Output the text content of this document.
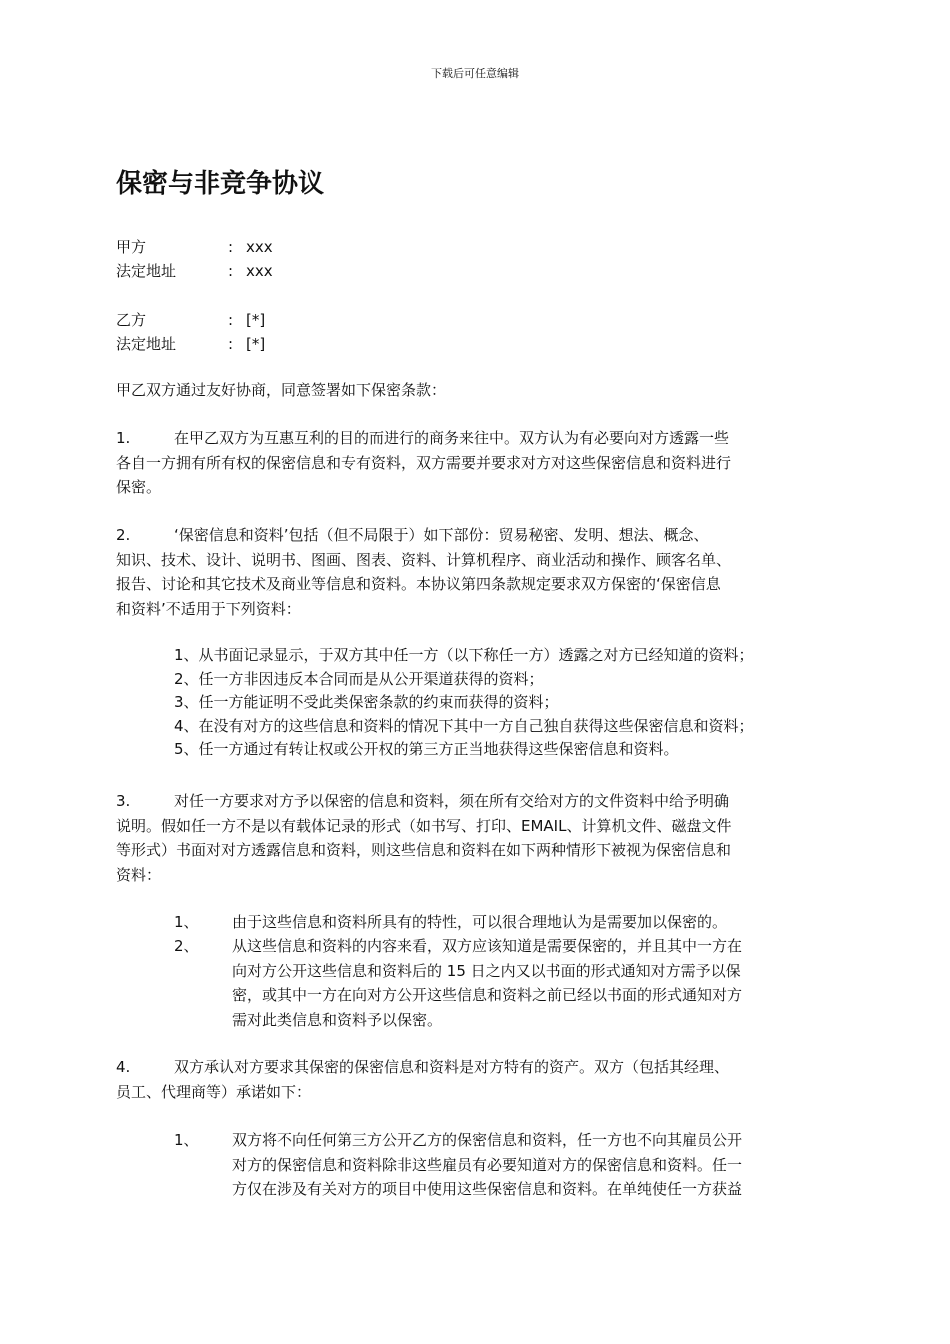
下载后可任意编辑
保密与非竞争协议
甲方	: xxx
法定地址	: xxx
乙方	: [*]
法定地址	: [*]
甲乙双方通过友好协商，同意签署如下保密条款：
1.	在甲乙双方为互惠互利的目的而进行的商务来往中。双方认为有必要向对方透露一些
各自一方拥有所有权的保密信息和专有资料，双方需要并要求对方对这些保密信息和资料进行
保密。
2.	‘保密信息和资料’包括（但不局限于）如下部份：贸易秘密、发明、想法、概念、
知识、技术、设计、说明书、图画、图表、资料、计算机程序、商业活动和操作、顾客名单、
报告、讨论和其它技术及商业等信息和资料。本协议第四条款规定要求双方保密的‘保密信息
和资料’不适用于下列资料：
1、从书面记录显示，于双方其中任一方（以下称任一方）透露之对方已经知道的资料；
2、任一方非因违反本合同而是从公开渠道获得的资料；
3、任一方能证明不受此类保密条款的约束而获得的资料；
4、在没有对方的这些信息和资料的情况下其中一方自己独自获得这些保密信息和资料；
5、任一方通过有转让权或公开权的第三方正当地获得这些保密信息和资料。
3.	对任一方要求对方予以保密的信息和资料，须在所有交给对方的文件资料中给予明确
说明。假如任一方不是以有载体记录的形式（如书写、打印、EMAIL、计算机文件、磁盘文件
等形式）书面对对方透露信息和资料，则这些信息和资料在如下两种情形下被视为保密信息和
资料：
1、 由于这些信息和资料所具有的特性，可以很合理地认为是需要加以保密的。
2、 从这些信息和资料的内容来看，双方应该知道是需要保密的，并且其中一方在
向对方公开这些信息和资料后的 15 日之内又以书面的形式通知对方需予以保
密，或其中一方在向对方公开这些信息和资料之前已经以书面的形式通知对方
需对此类信息和资料予以保密。
4.	双方承认对方要求其保密的保密信息和资料是对方特有的资产。双方（包括其经理、
员工、代理商等）承诺如下：
1、 双方将不向任何第三方公开乙方的保密信息和资料，任一方也不向其雇员公开
对方的保密信息和资料除非这些雇员有必要知道对方的保密信息和资料。任一
方仅在涉及有关对方的项目中使用这些保密信息和资料。在单纯使任一方获益
